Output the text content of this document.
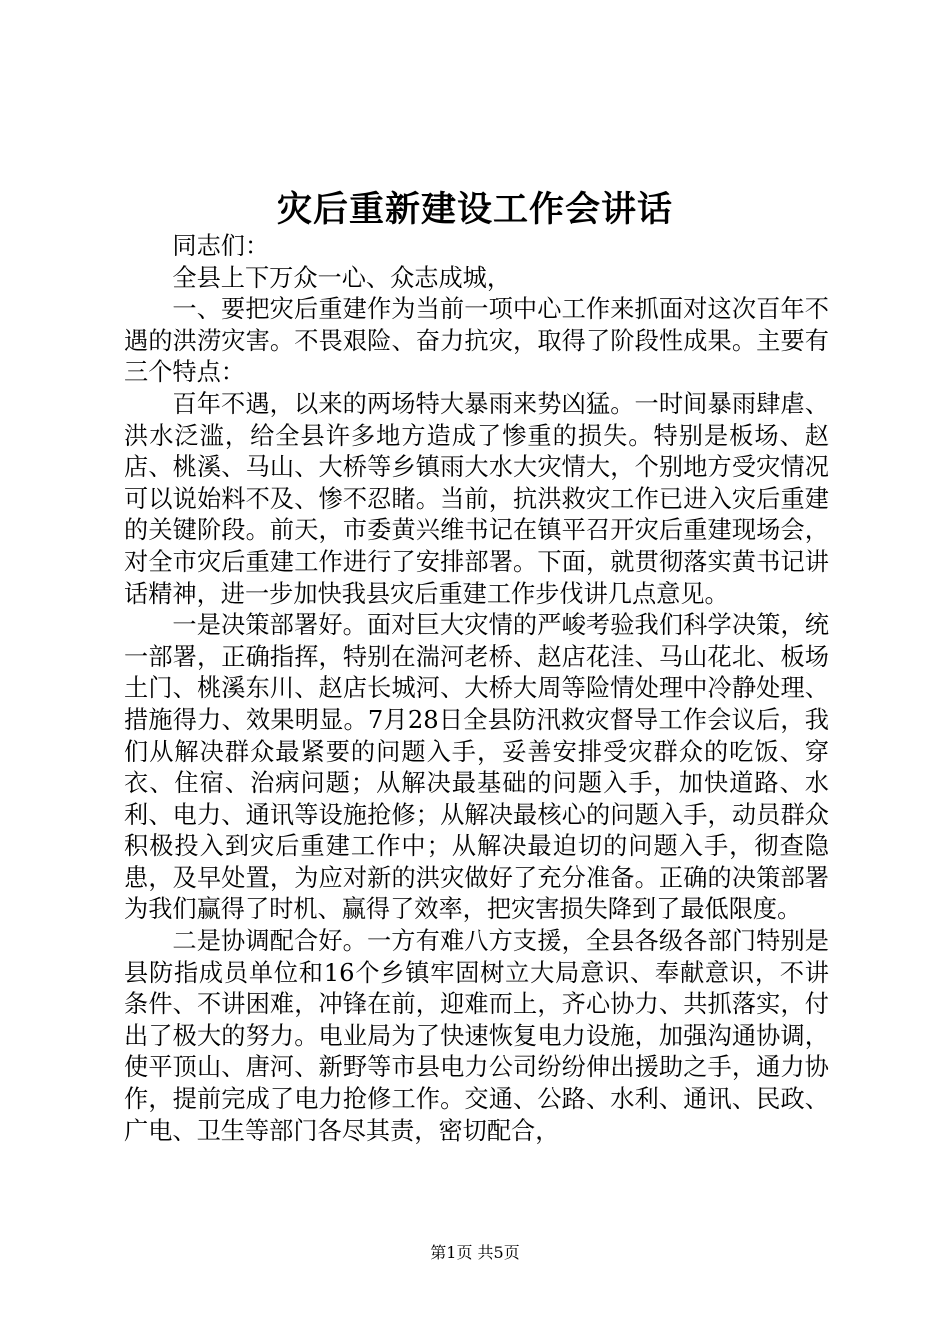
灾后重新建设工作会讲话

同志们：

全县上下万众一心、众志成城，

一、要把灾后重建作为当前一项中心工作来抓面对这次百年不遇的洪涝灾害。不畏艰险、奋力抗灾，取得了阶段性成果。主要有三个特点：

百年不遇，以来的两场特大暴雨来势凶猛。一时间暴雨肆虐、洪水泛滥，给全县许多地方造成了惨重的损失。特别是板场、赵店、桃溪、马山、大桥等乡镇雨大水大灾情大，个别地方受灾情况可以说始料不及、惨不忍睹。当前，抗洪救灾工作已进入灾后重建的关键阶段。前天，市委黄兴维书记在镇平召开灾后重建现场会，对全市灾后重建工作进行了安排部署。下面，就贯彻落实黄书记讲话精神，进一步加快我县灾后重建工作步伐讲几点意见。

一是决策部署好。面对巨大灾情的严峻考验我们科学决策，统一部署，正确指挥，特别在湍河老桥、赵店花洼、马山花北、板场土门、桃溪东川、赵店长城河、大桥大周等险情处理中冷静处理、措施得力、效果明显。7月28日全县防汛救灾督导工作会议后，我们从解决群众最紧要的问题入手，妥善安排受灾群众的吃饭、穿衣、住宿、治病问题；从解决最基础的问题入手，加快道路、水利、电力、通讯等设施抢修；从解决最核心的问题入手，动员群众积极投入到灾后重建工作中；从解决最迫切的问题入手，彻查隐患，及早处置，为应对新的洪灾做好了充分准备。正确的决策部署为我们赢得了时机、赢得了效率，把灾害损失降到了最低限度。

二是协调配合好。一方有难八方支援，全县各级各部门特别是县防指成员单位和16个乡镇牢固树立大局意识、奉献意识，不讲条件、不讲困难，冲锋在前，迎难而上，齐心协力、共抓落实，付出了极大的努力。电业局为了快速恢复电力设施，加强沟通协调，使平顶山、唐河、新野等市县电力公司纷纷伸出援助之手，通力协作，提前完成了电力抢修工作。交通、公路、水利、通讯、民政、广电、卫生等部门各尽其责，密切配合，

第1页 共5页
